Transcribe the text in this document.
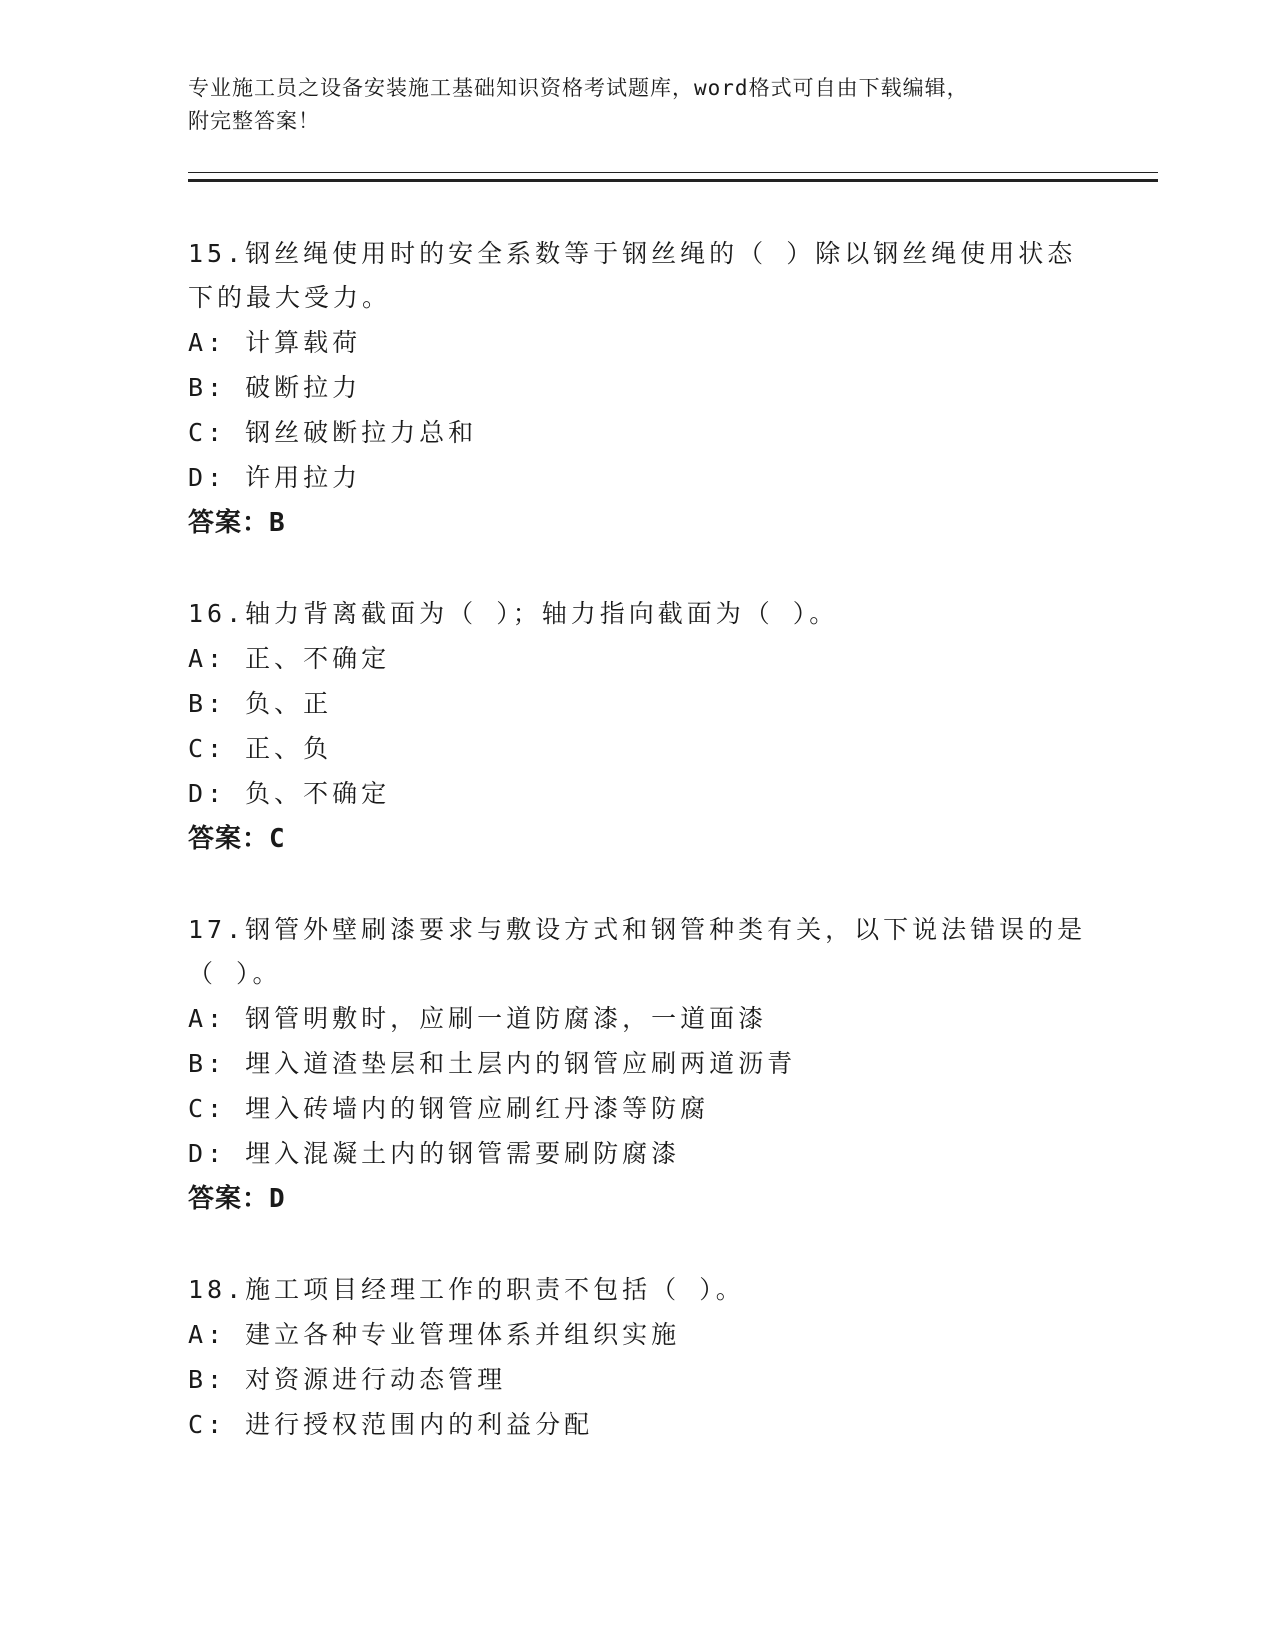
专业施工员之设备安装施工基础知识资格考试题库，word格式可自由下载编辑，
附完整答案！

15.钢丝绳使用时的安全系数等于钢丝绳的（ ）除以钢丝绳使用状态
下的最大受力。

A: 计算载荷

B: 破断拉力

C: 钢丝破断拉力总和

D: 许用拉力

答案：B

16.轴力背离截面为（ ）；轴力指向截面为（ ）。

A: 正、不确定

B: 负、正

C: 正、负

D: 负、不确定

答案：C

17.钢管外壁刷漆要求与敷设方式和钢管种类有关，以下说法错误的是
（ ）。

A: 钢管明敷时，应刷一道防腐漆，一道面漆

B: 埋入道渣垫层和土层内的钢管应刷两道沥青

C: 埋入砖墙内的钢管应刷红丹漆等防腐

D: 埋入混凝土内的钢管需要刷防腐漆

答案：D

18.施工项目经理工作的职责不包括（ ）。

A: 建立各种专业管理体系并组织实施

B: 对资源进行动态管理

C: 进行授权范围内的利益分配
